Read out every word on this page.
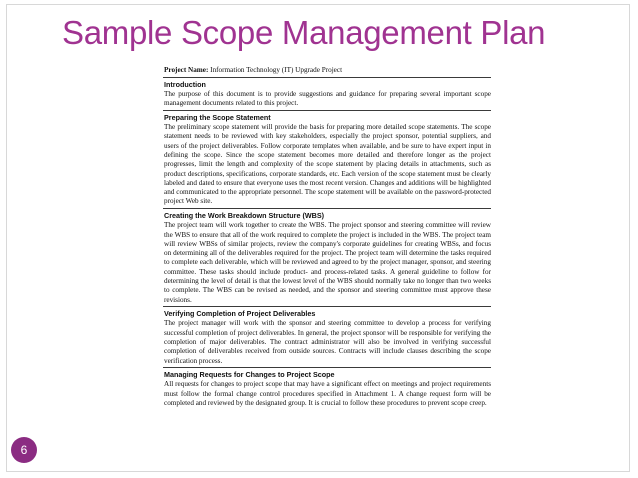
Sample Scope Management Plan
Project Name: Information Technology (IT) Upgrade Project
Introduction
The purpose of this document is to provide suggestions and guidance for preparing several important scope management documents related to this project.
Preparing the Scope Statement
The preliminary scope statement will provide the basis for preparing more detailed scope statements. The scope statement needs to be reviewed with key stakeholders, especially the project sponsor, potential suppliers, and users of the project deliverables. Follow corporate templates when available, and be sure to have expert input in defining the scope. Since the scope statement becomes more detailed and therefore longer as the project progresses, limit the length and complexity of the scope statement by placing details in attachments, such as product descriptions, specifications, corporate standards, etc. Each version of the scope statement must be clearly labeled and dated to ensure that everyone uses the most recent version. Changes and additions will be highlighted and communicated to the appropriate personnel. The scope statement will be available on the password-protected project Web site.
Creating the Work Breakdown Structure (WBS)
The project team will work together to create the WBS. The project sponsor and steering committee will review the WBS to ensure that all of the work required to complete the project is included in the WBS. The project team will review WBSs of similar projects, review the company's corporate guidelines for creating WBSs, and focus on determining all of the deliverables required for the project. The project team will determine the tasks required to complete each deliverable, which will be reviewed and agreed to by the project manager, sponsor, and steering committee. These tasks should include product- and process-related tasks. A general guideline to follow for determining the level of detail is that the lowest level of the WBS should normally take no longer than two weeks to complete. The WBS can be revised as needed, and the sponsor and steering committee must approve these revisions.
Verifying Completion of Project Deliverables
The project manager will work with the sponsor and steering committee to develop a process for verifying successful completion of project deliverables. In general, the project sponsor will be responsible for verifying the completion of major deliverables. The contract administrator will also be involved in verifying successful completion of deliverables received from outside sources. Contracts will include clauses describing the scope verification process.
Managing Requests for Changes to Project Scope
All requests for changes to project scope that may have a significant effect on meetings and project requirements must follow the formal change control procedures specified in Attachment 1. A change request form will be completed and reviewed by the designated group. It is crucial to follow these procedures to prevent scope creep.
6
